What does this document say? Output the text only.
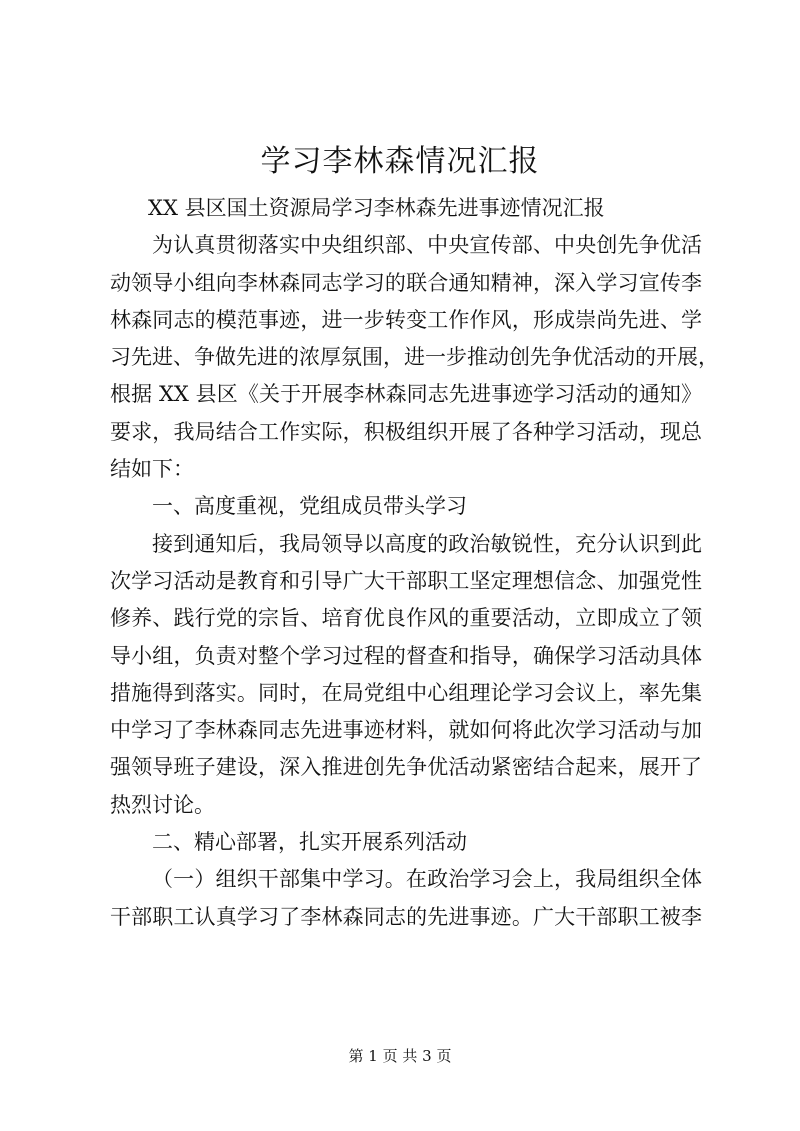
学习李林森情况汇报
XX 县区国土资源局学习李林森先进事迹情况汇报
为认真贯彻落实中央组织部、中央宣传部、中央创先争优活
动领导小组向李林森同志学习的联合通知精神，深入学习宣传李
林森同志的模范事迹，进一步转变工作作风，形成崇尚先进、学
习先进、争做先进的浓厚氛围，进一步推动创先争优活动的开展，
根据 XX 县区《关于开展李林森同志先进事迹学习活动的通知》
要求，我局结合工作实际，积极组织开展了各种学习活动，现总
结如下：
一、高度重视，党组成员带头学习
接到通知后，我局领导以高度的政治敏锐性，充分认识到此
次学习活动是教育和引导广大干部职工坚定理想信念、加强党性
修养、践行党的宗旨、培育优良作风的重要活动，立即成立了领
导小组，负责对整个学习过程的督查和指导，确保学习活动具体
措施得到落实。同时，在局党组中心组理论学习会议上，率先集
中学习了李林森同志先进事迹材料，就如何将此次学习活动与加
强领导班子建设，深入推进创先争优活动紧密结合起来，展开了
热烈讨论。
二、精心部署，扎实开展系列活动
（一）组织干部集中学习。在政治学习会上，我局组织全体
干部职工认真学习了李林森同志的先进事迹。广大干部职工被李
第 1 页 共 3 页
